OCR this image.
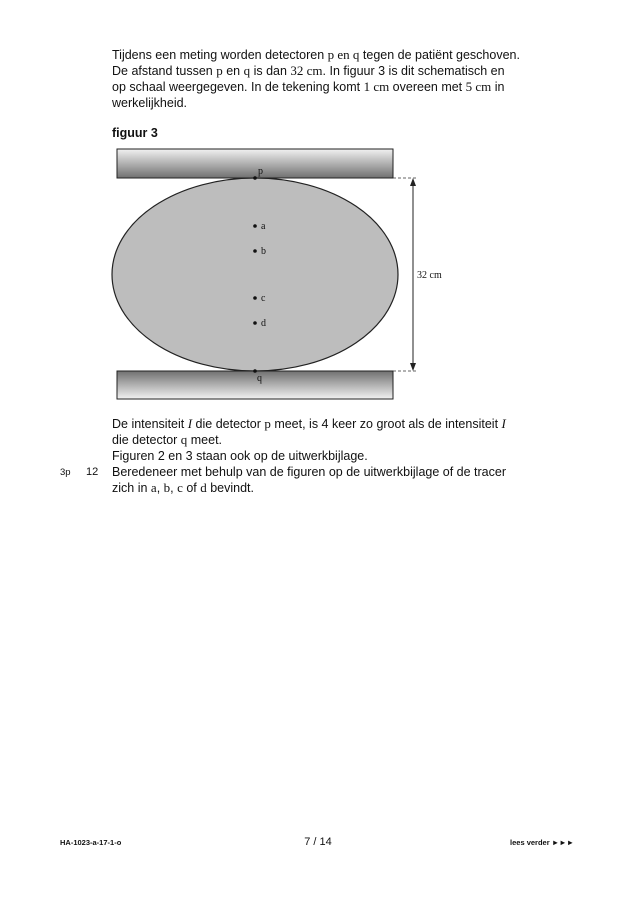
Tijdens een meting worden detectoren p en q tegen de patiënt geschoven.

De afstand tussen p en q is dan 32 cm. In figuur 3 is dit schematisch en

op schaal weergegeven. In de tekening komt 1 cm overeen met 5 cm in

werkelijkheid.

figuur 3
32 cm
p
q
a
b
c
d

De intensiteit I die detector p meet, is 4 keer zo groot als de intensiteit I

die detector q meet.

Figuren 2 en 3 staan ook op de uitwerkbijlage.

3p 12 Beredeneer met behulp van de figuren op de uitwerkbijlage of de tracer

zich in a, b, c of d bevindt.

HA-1023-a-17-1-o	7 / 14	lees verder ►►►
